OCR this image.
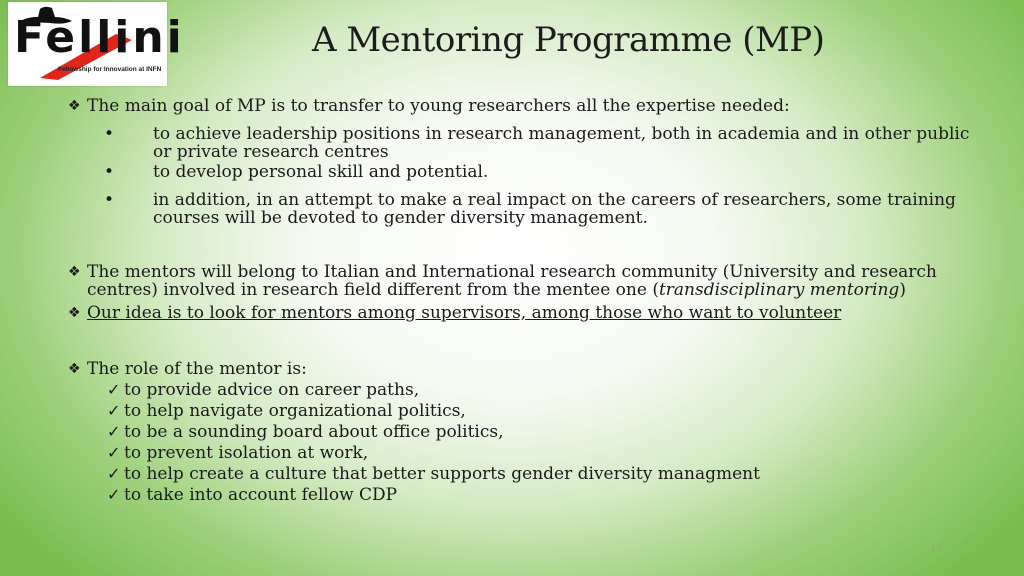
Fellini
Fellowship for Innovation at INFN
A Mentoring Programme (MP)
❖ The main goal of MP is to transfer to young researchers all the expertise needed:
• to achieve leadership positions in research management, both in academia and in other public or private research centres
• to develop personal skill and potential.
• in addition, in an attempt to make a real impact on the careers of researchers, some training courses will be devoted to gender diversity management.
❖ The mentors will belong to Italian and International research community (University and research centres) involved in research field different from the mentee one (transdisciplinary mentoring)
❖ Our idea is to look for mentors among supervisors, among those who want to volunteer
❖ The role of the mentor is:
✓ to provide advice on career paths,
✓ to help navigate organizational politics,
✓ to be a sounding board about office politics,
✓ to prevent isolation at work,
✓ to help create a culture that better supports gender diversity managment
✓ to take into account fellow CDP
16
